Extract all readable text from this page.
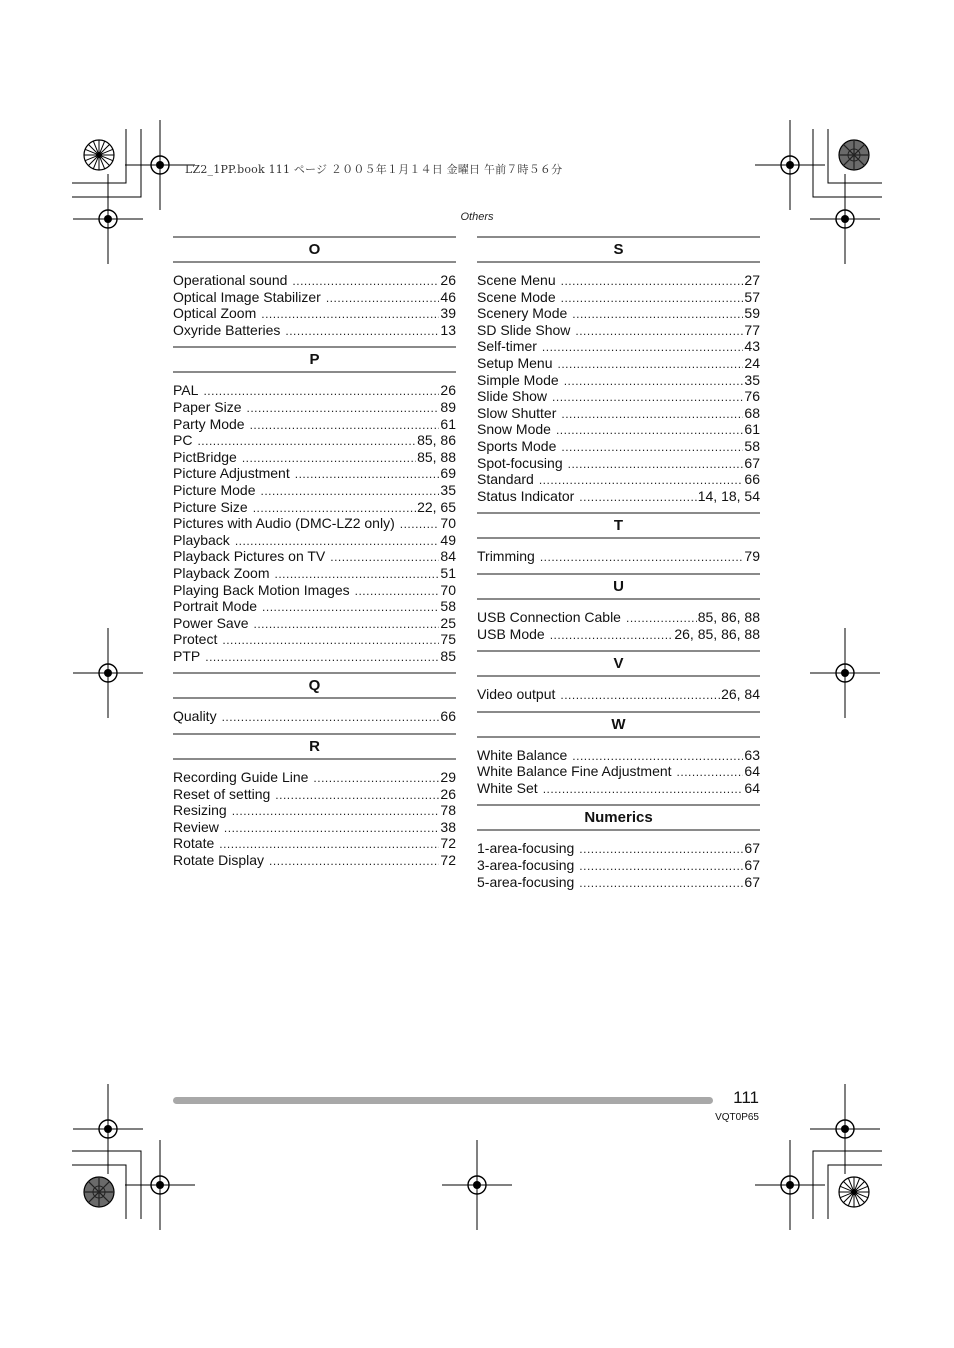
LZ2_1PP.book 111 ページ ２００５年１月１４日 金曜日 午前７時５６分
Others
O
Operational sound .....	26
Optical Image Stabilizer .....	46
Optical Zoom .....	39
Oxyride Batteries .....	13
P
PAL .....	26
Paper Size .....	89
Party Mode .....	61
PC .....	85, 86
PictBridge .....	85, 88
Picture Adjustment .....	69
Picture Mode .....	35
Picture Size .....	22, 65
Pictures with Audio (DMC-LZ2 only) .....	70
Playback .....	49
Playback Pictures on TV .....	84
Playback Zoom .....	51
Playing Back Motion Images .....	70
Portrait Mode .....	58
Power Save .....	25
Protect .....	75
PTP .....	85
Q
Quality .....	66
R
Recording Guide Line .....	29
Reset of setting .....	26
Resizing .....	78
Review .....	38
Rotate .....	72
Rotate Display .....	72
S
Scene Menu .....	27
Scene Mode .....	57
Scenery Mode .....	59
SD Slide Show .....	77
Self-timer .....	43
Setup Menu .....	24
Simple Mode .....	35
Slide Show .....	76
Slow Shutter .....	68
Snow Mode .....	61
Sports Mode .....	58
Spot-focusing .....	67
Standard .....	66
Status Indicator .....	14, 18, 54
T
Trimming .....	79
U
USB Connection Cable .....	85, 86, 88
USB Mode .....	26, 85, 86, 88
V
Video output .....	26, 84
W
White Balance .....	63
White Balance Fine Adjustment .....	64
White Set .....	64
Numerics
1-area-focusing .....	67
3-area-focusing .....	67
5-area-focusing .....	67
111
VQT0P65
